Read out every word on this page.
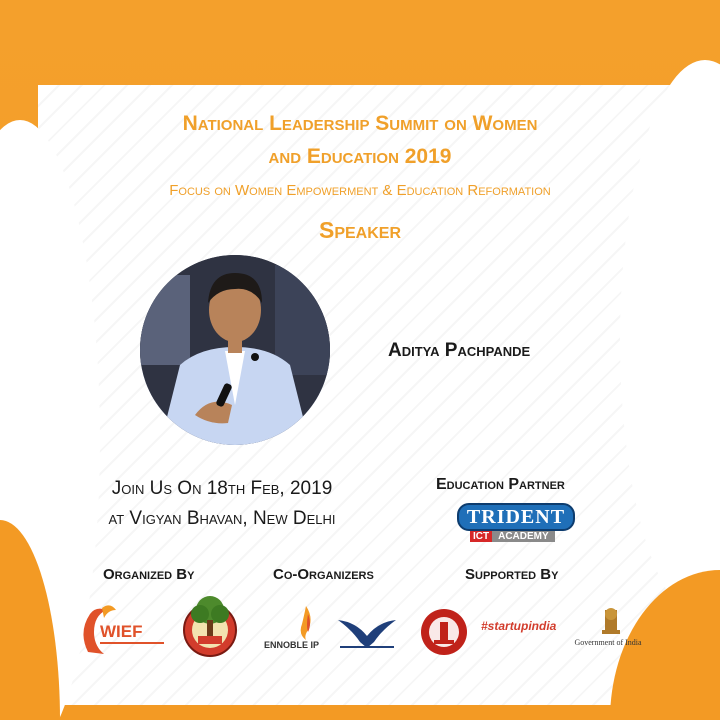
National Leadership Summit on Women
and Education 2019
Focus on Women Empowerment & Education Reformation
Speaker
Aditya Pachpande
Join Us On 18th Feb, 2019
at Vigyan Bhavan, New Delhi
Education Partner
TRIDENT
ICT ACADEMY
Organized By	Co-Organizers	Supported By
WIEF
ENNOBLE IP
#startupindia
Government of India
